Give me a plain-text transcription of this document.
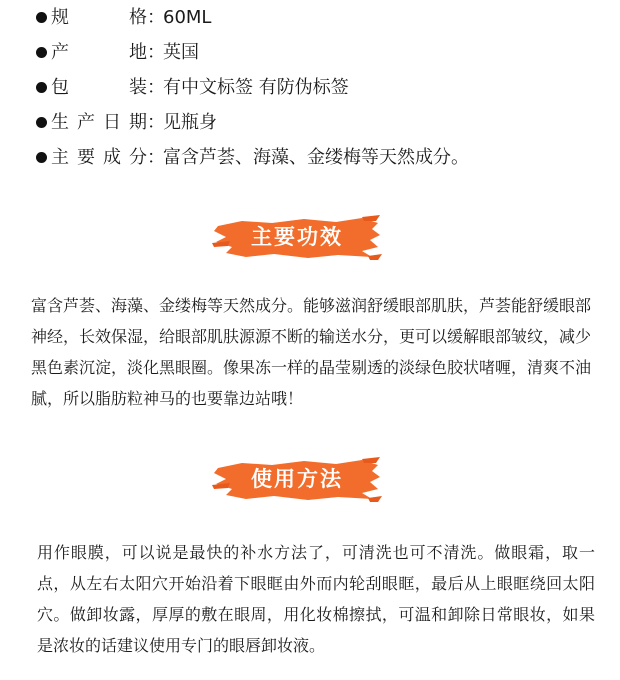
规格 ：
60ML
产地 ：
英国
包装 ：
有中文标签 有防伪标签
生产日期 ：
见瓶身
主要成分 ：
富含芦荟、海藻、金缕梅等天然成分。
主要功效
富含芦荟、海藻、金缕梅等天然成分。能够滋润舒缓眼部肌肤，芦荟能舒缓眼部神经，长效保湿，给眼部肌肤源源不断的输送水分，更可以缓解眼部皱纹，减少黑色素沉淀，淡化黑眼圈。像果冻一样的晶莹剔透的淡绿色胶状啫喱，清爽不油腻，所以脂肪粒神马的也要靠边站哦！
使用方法
用作眼膜，可以说是最快的补水方法了，可清洗也可不清洗。做眼霜，取一点，从左右太阳穴开始沿着下眼眶由外而内轮刮眼眶，最后从上眼眶绕回太阳穴。做卸妆露，厚厚的敷在眼周，用化妆棉擦拭，可温和卸除日常眼妆，如果是浓妆的话建议使用专门的眼唇卸妆液。
